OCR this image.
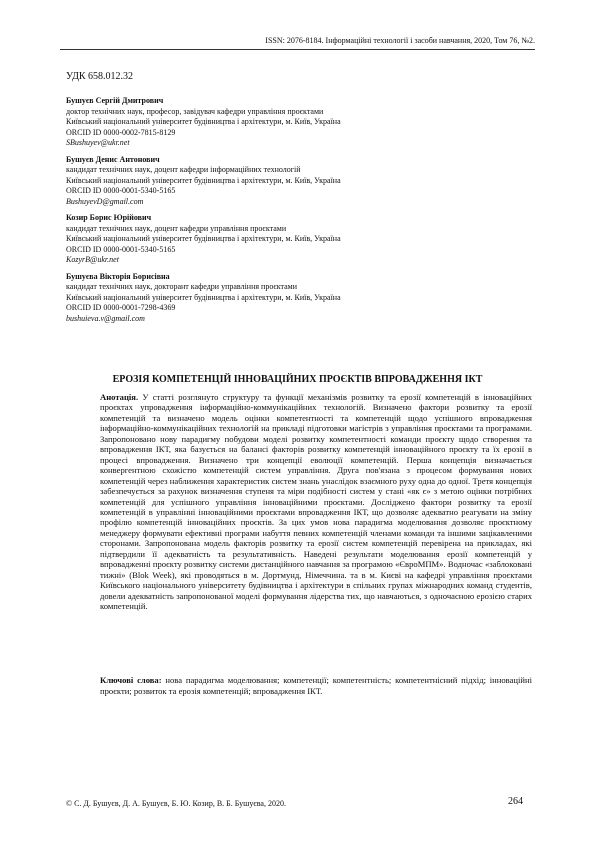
ISSN: 2076-8184. Інформаційні технології і засоби навчання, 2020, Том 76, №2.
УДК 658.012.32
Бушуєв Сергій Дмитрович
доктор технічних наук, професор, завідувач кафедри управління проєктами
Київський національний університет будівництва і архітектури, м. Київ, Україна
ORCID ID 0000-0002-7815-8129
SBushuyev@ukr.net
Бушуєв Денис Антонович
кандидат технічних наук, доцент кафедри інформаційних технологій
Київський національний університет будівництва і архітектури, м. Київ, Україна
ORCID ID 0000-0001-5340-5165
BushuyevD@gmail.com
Козир Борис Юрійович
кандидат технічних наук, доцент кафедри управління проєктами
Київський національний університет будівництва і архітектури, м. Київ, Україна
ORCID ID 0000-0001-5340-5165
KozyrB@ukr.net
Бушуєва Вікторія Борисівна
кандидат технічних наук, докторант кафедри управління проєктами
Київський національний університет будівництва і архітектури, м. Київ, Україна
ORCID ID 0000-0001-7298-4369
bushuieva.v@gmail.com
ЕРОЗІЯ КОМПЕТЕНЦІЙ ІННОВАЦІЙНИХ ПРОЄКТІВ ВПРОВАДЖЕННЯ ІКТ
Анотація. У статті розглянуто структуру та функції механізмів розвитку та ерозії компетенцій в інноваційних проєктах упровадження інформаційно-коммунікаційних технологій. Визначено фактори розвитку та ерозії компетенцій та визначено модель оцінки компетентності та компетенцій щодо успішного впровадження інформаційно-коммунікаційних технологій на прикладі підготовки магістрів з управління проєктами та програмами. Запропоновано нову парадигму побудови моделі розвитку компетентності команди проєкту щодо створення та впровадження ІКТ, яка базується на балансі факторів розвитку компетенцій інноваційного проєкту та їх ерозії в процесі впровадження. Визначено три концепції еволюції компетенцій. Перша концепція визначається конвергентною схожістю компетенцій систем управління. Друга пов'язана з процесом формування нових компетенцій через наближення характеристик систем знань унаслідок взаємного руху одна до одної. Третя концепція забезпечується за рахунок визначення ступеня та міри подібності систем у стані «як є» з метою оцінки потрібних компетенцій для успішного управління інноваційними проєктами. Досліджено фактори розвитку та ерозії компетенцій в управлінні інноваційними проєктами впровадження ІКТ, що дозволяє адекватно реагувати на зміну профілю компетенцій інноваційних проєктів. За цих умов нова парадигма моделювання дозволяє проєктному менеджеру формувати ефективні програми набуття певних компетенцій членами команди та іншими зацікавленими сторонами. Запропонована модель факторів розвитку та ерозії систем компетенцій перевірена на прикладах, які підтвердили її адекватність та результативність. Наведені результати моделювання ерозії компетенцій у впровадженні проєкту розвитку системи дистанційного навчання за програмою «ЄвроМПМ». Водночас «заблоковані тижні» (Blok Week), які проводяться в м. Дортмунд, Німеччина. та в м. Києві на кафедрі управління проєктами Київського національного університету будівництва і архітектури в спільних групах міжнародних команд студентів, довели адекватність запропонованої моделі формування лідерства тих, що навчаються, з одночасною ерозією старих компетенцій.
Ключові слова: нова парадигма моделювання; компетенції; компетентність; компетентнісний підхід; інноваційні проєкти; розвиток та ерозія компетенцій; впровадження ІКТ.
© С. Д. Бушуєв, Д. А. Бушуєв, Б. Ю. Козир, В. Б. Бушуєва, 2020.	264
